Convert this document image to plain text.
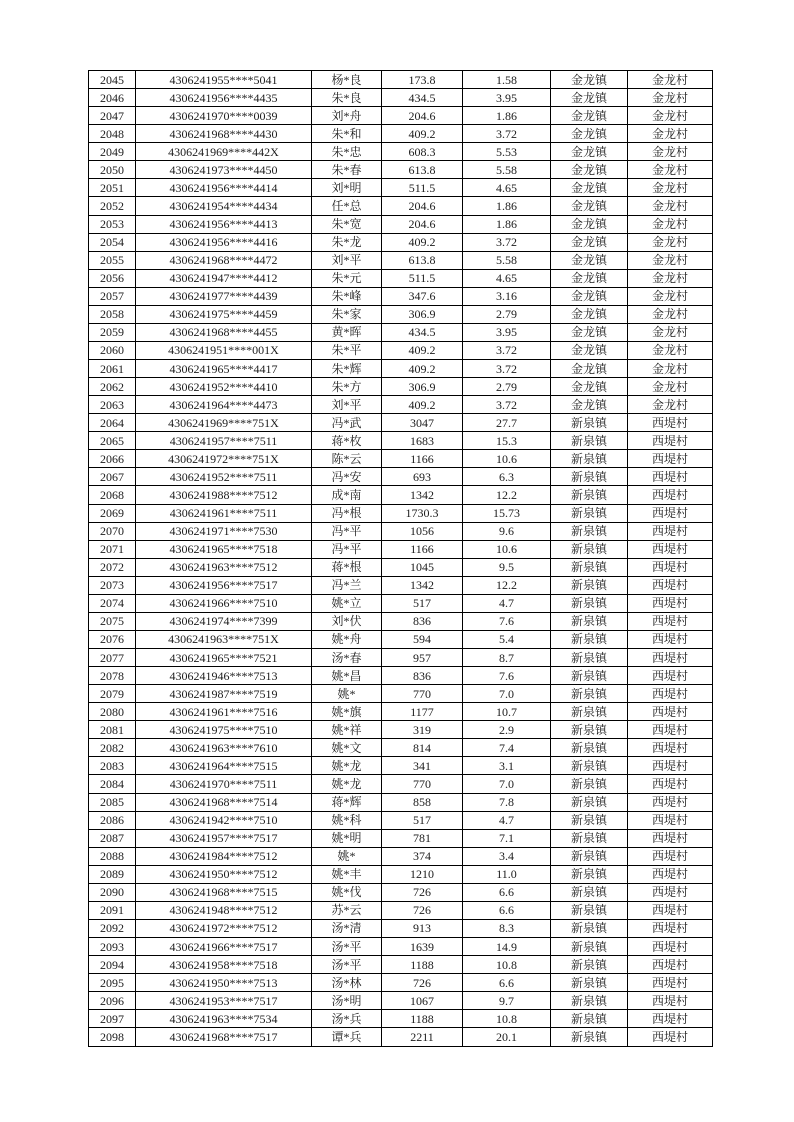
2045	4306241955****5041	杨*良	173.8	1.58	金龙镇	金龙村
2046	4306241956****4435	朱*良	434.5	3.95	金龙镇	金龙村
2047	4306241970****0039	刘*舟	204.6	1.86	金龙镇	金龙村
2048	4306241968****4430	朱*和	409.2	3.72	金龙镇	金龙村
2049	4306241969****442X	朱*忠	608.3	5.53	金龙镇	金龙村
2050	4306241973****4450	朱*春	613.8	5.58	金龙镇	金龙村
2051	4306241956****4414	刘*明	511.5	4.65	金龙镇	金龙村
2052	4306241954****4434	任*总	204.6	1.86	金龙镇	金龙村
2053	4306241956****4413	朱*宽	204.6	1.86	金龙镇	金龙村
2054	4306241956****4416	朱*龙	409.2	3.72	金龙镇	金龙村
2055	4306241968****4472	刘*平	613.8	5.58	金龙镇	金龙村
2056	4306241947****4412	朱*元	511.5	4.65	金龙镇	金龙村
2057	4306241977****4439	朱*峰	347.6	3.16	金龙镇	金龙村
2058	4306241975****4459	朱*家	306.9	2.79	金龙镇	金龙村
2059	4306241968****4455	黄*晖	434.5	3.95	金龙镇	金龙村
2060	4306241951****001X	朱*平	409.2	3.72	金龙镇	金龙村
2061	4306241965****4417	朱*辉	409.2	3.72	金龙镇	金龙村
2062	4306241952****4410	朱*方	306.9	2.79	金龙镇	金龙村
2063	4306241964****4473	刘*平	409.2	3.72	金龙镇	金龙村
2064	4306241969****751X	冯*武	3047	27.7	新泉镇	西堤村
2065	4306241957****7511	蒋*枚	1683	15.3	新泉镇	西堤村
2066	4306241972****751X	陈*云	1166	10.6	新泉镇	西堤村
2067	4306241952****7511	冯*安	693	6.3	新泉镇	西堤村
2068	4306241988****7512	成*南	1342	12.2	新泉镇	西堤村
2069	4306241961****7511	冯*根	1730.3	15.73	新泉镇	西堤村
2070	4306241971****7530	冯*平	1056	9.6	新泉镇	西堤村
2071	4306241965****7518	冯*平	1166	10.6	新泉镇	西堤村
2072	4306241963****7512	蒋*根	1045	9.5	新泉镇	西堤村
2073	4306241956****7517	冯*兰	1342	12.2	新泉镇	西堤村
2074	4306241966****7510	姚*立	517	4.7	新泉镇	西堤村
2075	4306241974****7399	刘*伏	836	7.6	新泉镇	西堤村
2076	4306241963****751X	姚*舟	594	5.4	新泉镇	西堤村
2077	4306241965****7521	汤*春	957	8.7	新泉镇	西堤村
2078	4306241946****7513	姚*昌	836	7.6	新泉镇	西堤村
2079	4306241987****7519	姚*	770	7.0	新泉镇	西堤村
2080	4306241961****7516	姚*旗	1177	10.7	新泉镇	西堤村
2081	4306241975****7510	姚*祥	319	2.9	新泉镇	西堤村
2082	4306241963****7610	姚*文	814	7.4	新泉镇	西堤村
2083	4306241964****7515	姚*龙	341	3.1	新泉镇	西堤村
2084	4306241970****7511	姚*龙	770	7.0	新泉镇	西堤村
2085	4306241968****7514	蒋*辉	858	7.8	新泉镇	西堤村
2086	4306241942****7510	姚*科	517	4.7	新泉镇	西堤村
2087	4306241957****7517	姚*明	781	7.1	新泉镇	西堤村
2088	4306241984****7512	姚*	374	3.4	新泉镇	西堤村
2089	4306241950****7512	姚*丰	1210	11.0	新泉镇	西堤村
2090	4306241968****7515	姚*伐	726	6.6	新泉镇	西堤村
2091	4306241948****7512	苏*云	726	6.6	新泉镇	西堤村
2092	4306241972****7512	汤*清	913	8.3	新泉镇	西堤村
2093	4306241966****7517	汤*平	1639	14.9	新泉镇	西堤村
2094	4306241958****7518	汤*平	1188	10.8	新泉镇	西堤村
2095	4306241950****7513	汤*林	726	6.6	新泉镇	西堤村
2096	4306241953****7517	汤*明	1067	9.7	新泉镇	西堤村
2097	4306241963****7534	汤*兵	1188	10.8	新泉镇	西堤村
2098	4306241968****7517	谭*兵	2211	20.1	新泉镇	西堤村
